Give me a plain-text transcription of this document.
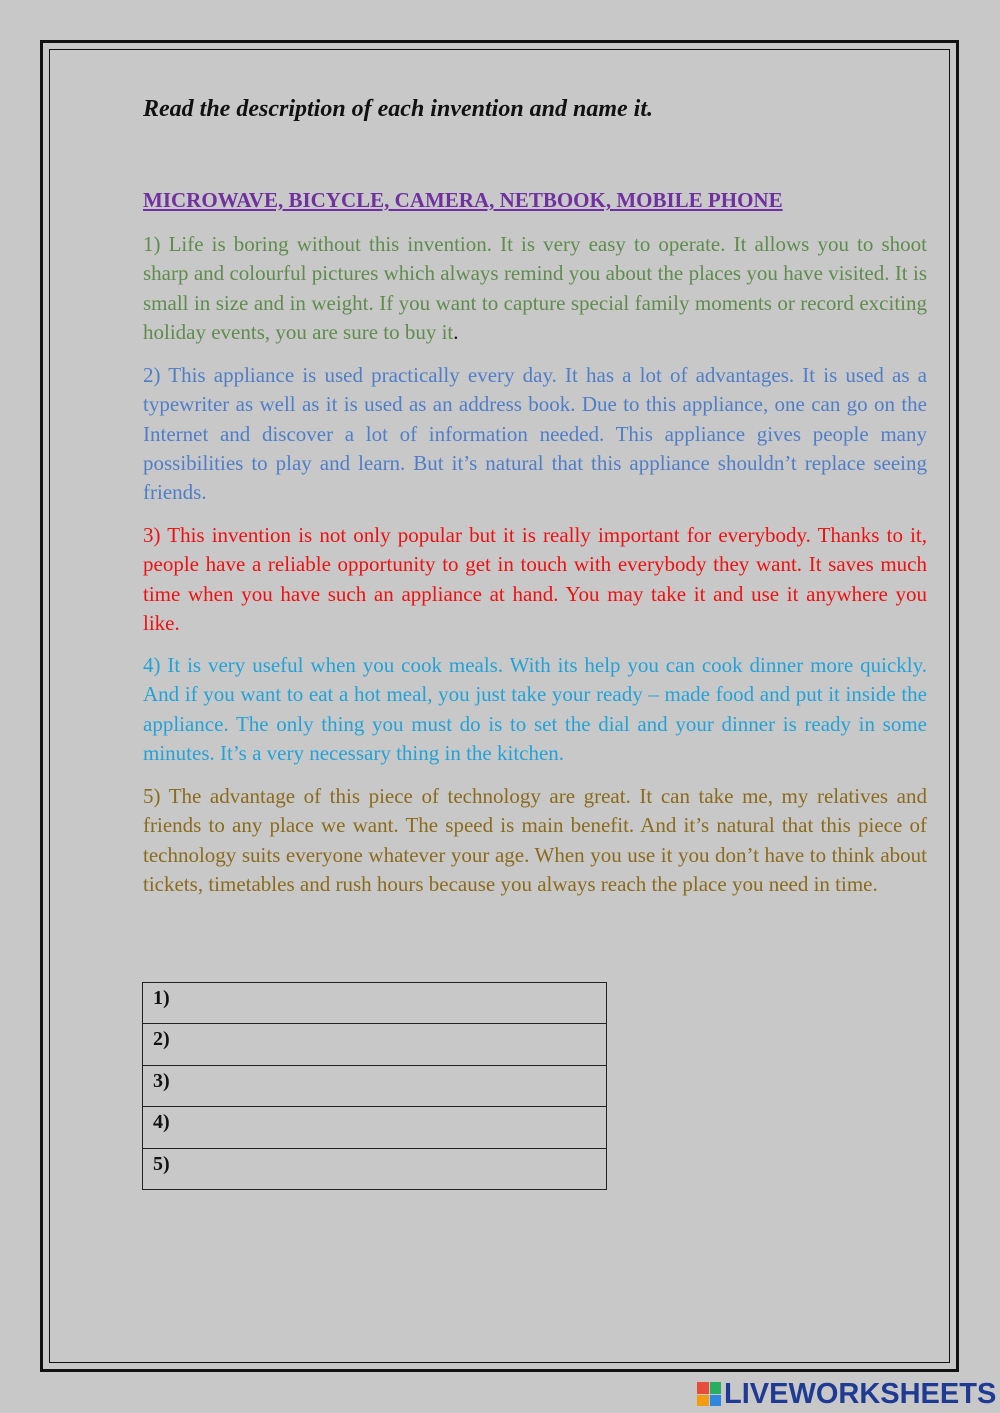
Read the description of each invention and name it.

MICROWAVE, BICYCLE, CAMERA, NETBOOK, MOBILE PHONE

1) Life is boring without this invention. It is very easy to operate. It allows you to shoot sharp and colourful pictures which always remind you about the places you have visited. It is small in size and in weight. If you want to capture special family moments or record exciting holiday events, you are sure to buy it.

2) This appliance is used practically every day. It has a lot of advantages. It is used as a typewriter as well as it is used as an address book. Due to this appliance, one can go on the Internet and discover a lot of information needed. This appliance gives people many possibilities to play and learn. But it’s natural that this appliance shouldn’t replace seeing friends.

3) This invention is not only popular but it is really important for everybody. Thanks to it, people have a reliable opportunity to get in touch with everybody they want. It saves much time when you have such an appliance at hand. You may take it and use it anywhere you like.

4) It is very useful when you cook meals. With its help you can cook dinner more quickly. And if you want to eat a hot meal, you just take your ready – made food and put it inside the appliance. The only thing you must do is to set the dial and your dinner is ready in some minutes. It’s a very necessary thing in the kitchen.

5) The advantage of this piece of technology are great. It can take me, my relatives and friends to any place we want. The speed is main benefit. And it’s natural that this piece of technology suits everyone whatever your age. When you use it you don’t have to think about tickets, timetables and rush hours because you always reach the place you need in time.

1)
2)
3)
4)
5)
LIVEWORKSHEETS
